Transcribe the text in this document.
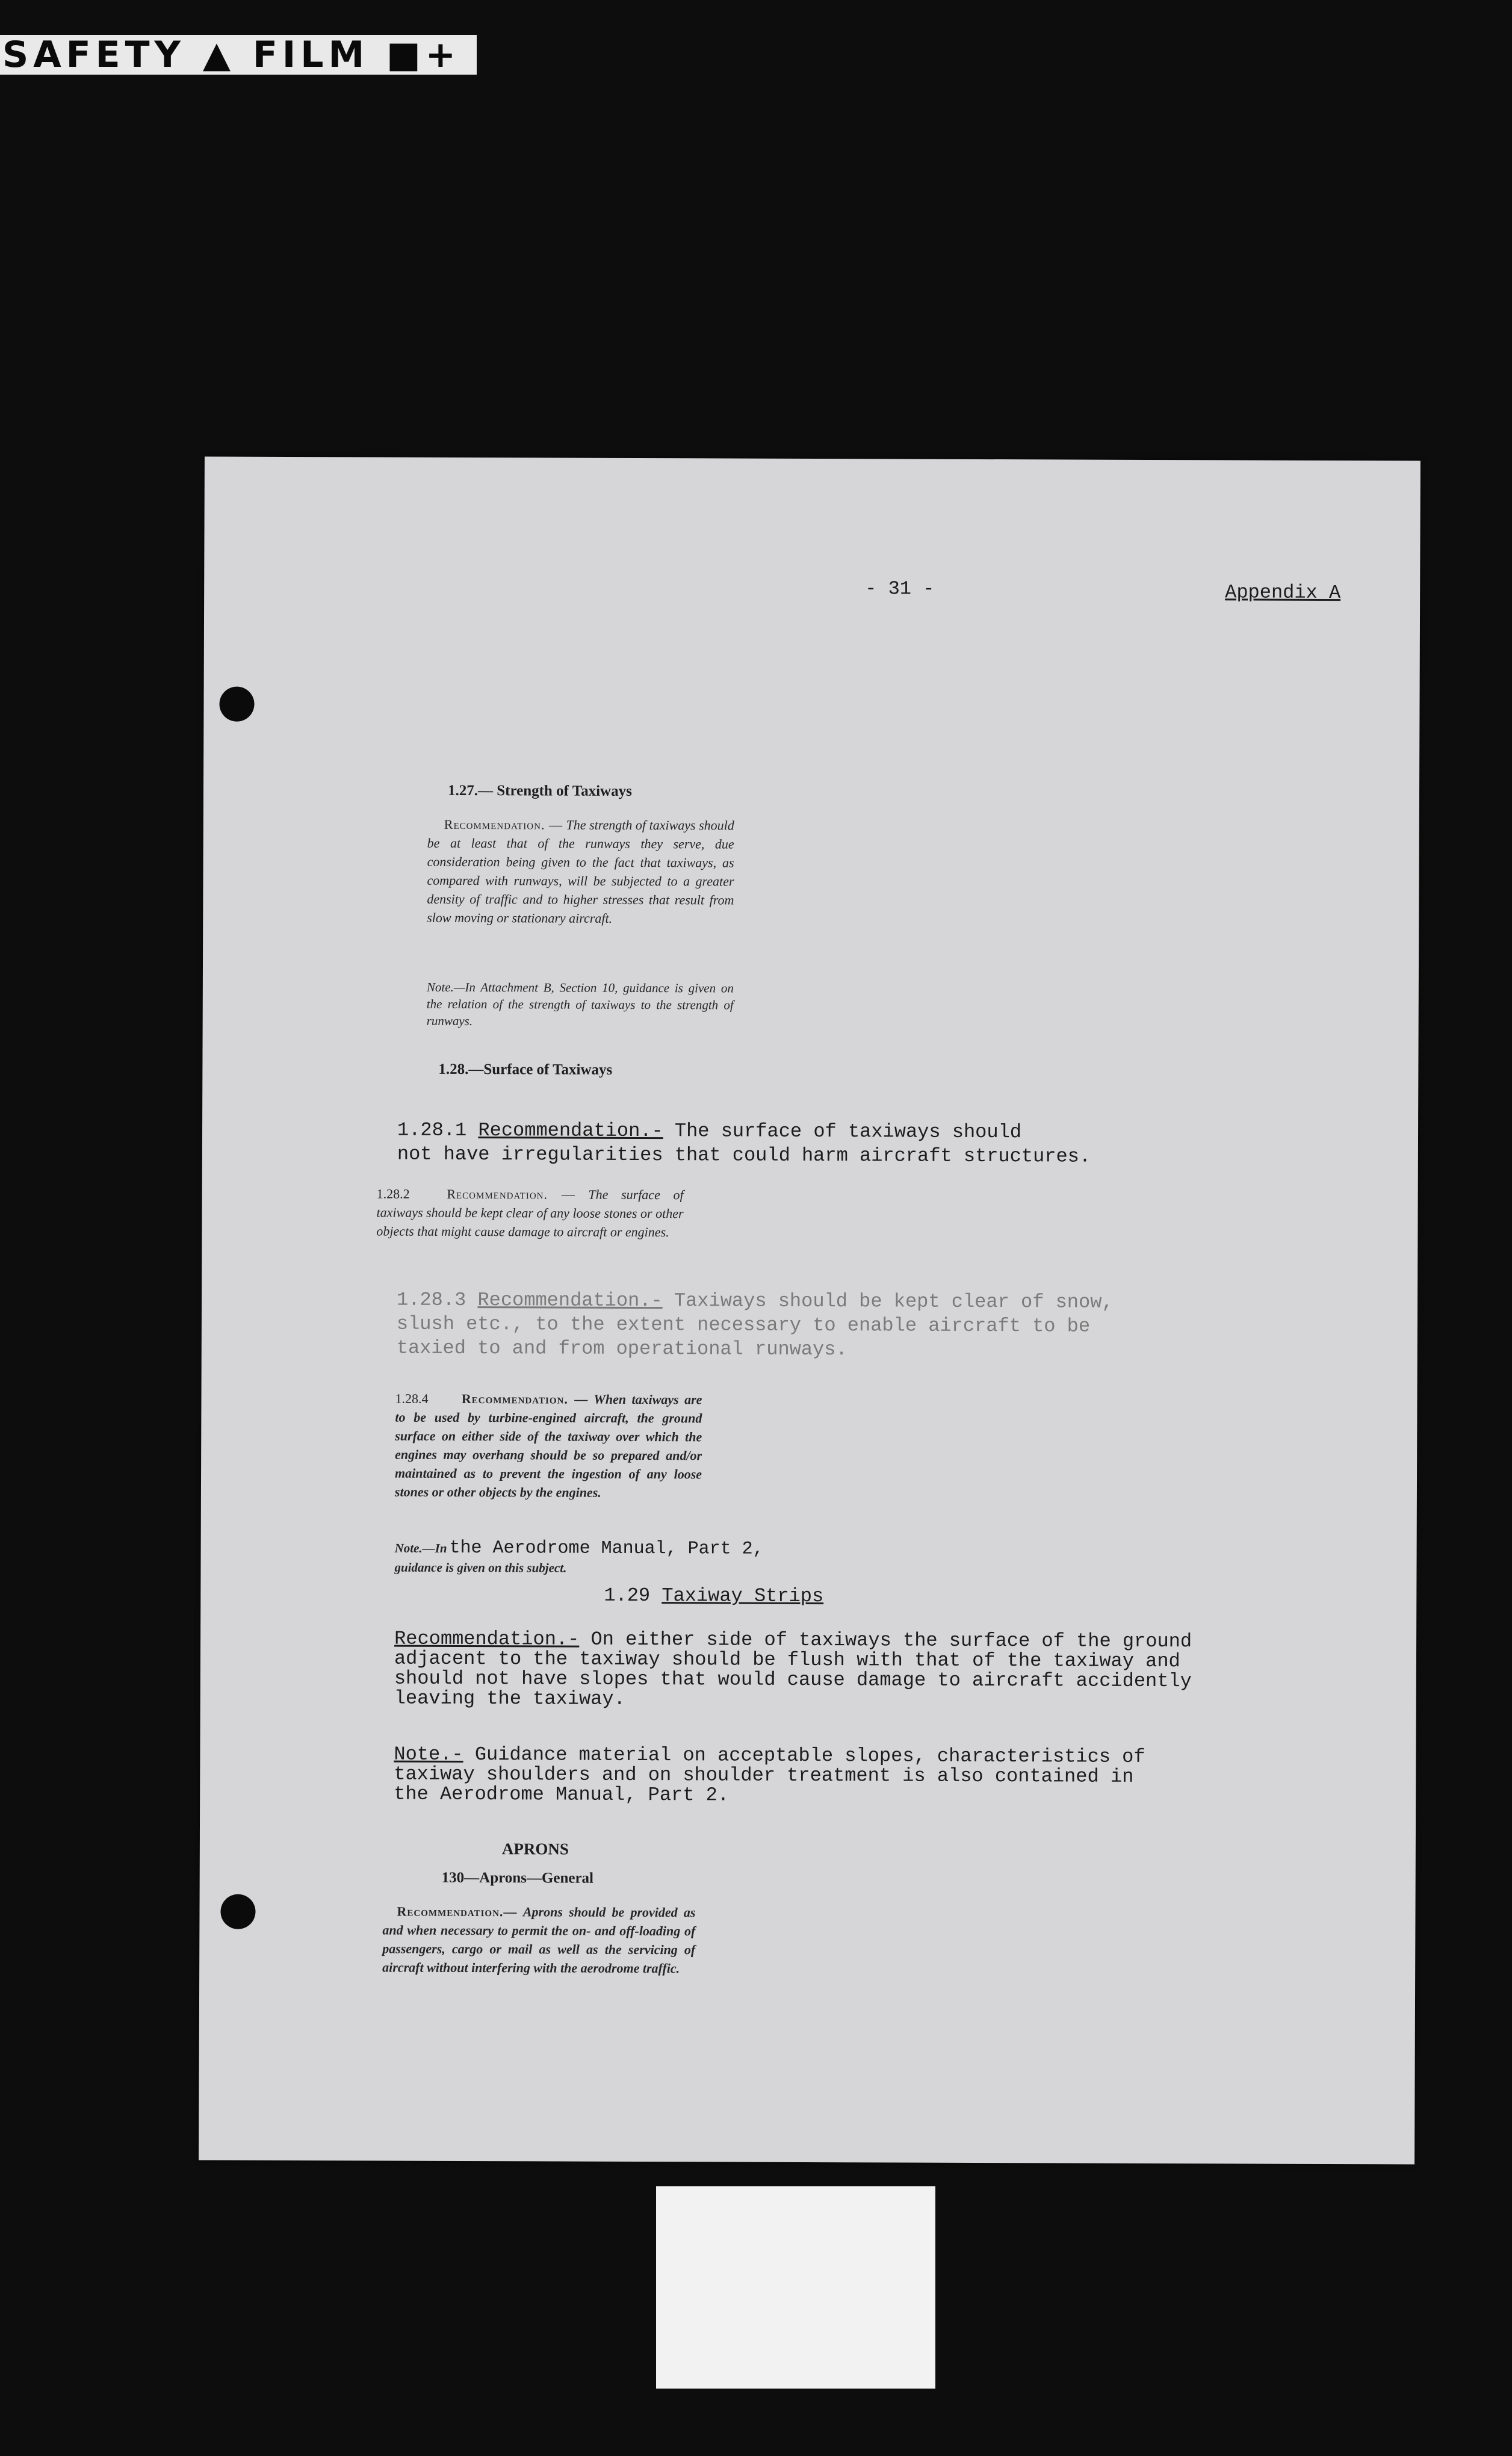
SAFETY ▲ FILM ■+
- 31 -	Appendix A
1.27.— Strength of Taxiways
Recommendation. — The strength of taxiways should be at least that of the runways they serve, due consideration being given to the fact that taxiways, as compared with runways, will be subjected to a greater density of traffic and to higher stresses that result from slow moving or stationary aircraft.
Note.—In Attachment B, Section 10, guidance is given on the relation of the strength of taxiways to the strength of runways.
1.28.—Surface of Taxiways
1.28.1 Recommendation.- The surface of taxiways should
not have irregularities that could harm aircraft structures.
1.28.2	Recommendation. — The surface of taxiways should be kept clear of any loose stones or other objects that might cause damage to aircraft or engines.
1.28.3 Recommendation.- Taxiways should be kept clear of snow,
slush etc., to the extent necessary to enable aircraft to be
taxied to and from operational runways.
1.28.4	Recommendation. — When taxiways are to be used by turbine-engined aircraft, the ground surface on either side of the taxiway over which the engines may overhang should be so prepared and/or maintained as to prevent the ingestion of any loose stones or other objects by the engines.
Note.—In the Aerodrome Manual, Part 2,
guidance is given on this subject.
1.29 Taxiway Strips
Recommendation.- On either side of taxiways the surface of the ground
adjacent to the taxiway should be flush with that of the taxiway and
should not have slopes that would cause damage to aircraft accidently
leaving the taxiway.
Note.- Guidance material on acceptable slopes, characteristics of
taxiway shoulders and on shoulder treatment is also contained in
the Aerodrome Manual, Part 2.
APRONS
130—Aprons—General
Recommendation.— Aprons should be provided as and when necessary to permit the on- and off-loading of passengers, cargo or mail as well as the servicing of aircraft without interfering with the aerodrome traffic.
